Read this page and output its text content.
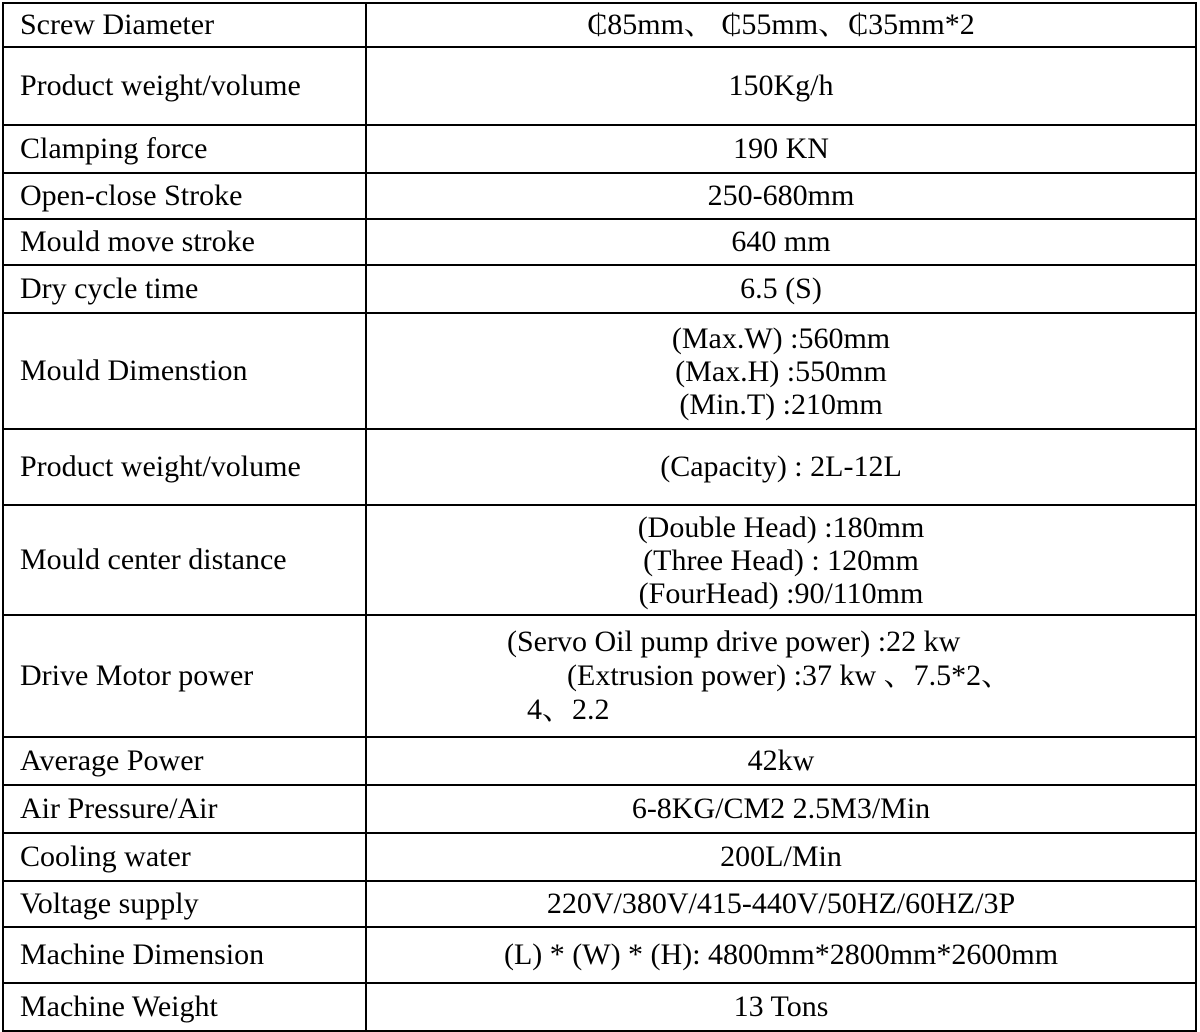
Screw Diameter	₵85mm、 ₵55mm、₵35mm*2

Product weight/volume	150Kg/h

Clamping force	190 KN

Open-close Stroke	250-680mm

Mould move stroke	640 mm

Dry cycle time	6.5 (S)

Mould Dimenstion	(Max.W) :560mm
(Max.H) :550mm
(Min.T) :210mm

Product weight/volume	(Capacity) : 2L-12L

Mould center distance	(Double Head) :180mm
(Three Head) : 120mm
(FourHead) :90/110mm

Drive Motor power	(Servo Oil pump drive power) :22 kw
(Extrusion power) :37 kw 、7.5*2、
4、2.2

Average Power	42kw

Air Pressure/Air	6-8KG/CM2 2.5M3/Min

Cooling water	200L/Min

Voltage supply	220V/380V/415-440V/50HZ/60HZ/3P

Machine Dimension	(L) * (W) * (H): 4800mm*2800mm*2600mm

Machine Weight	13 Tons
